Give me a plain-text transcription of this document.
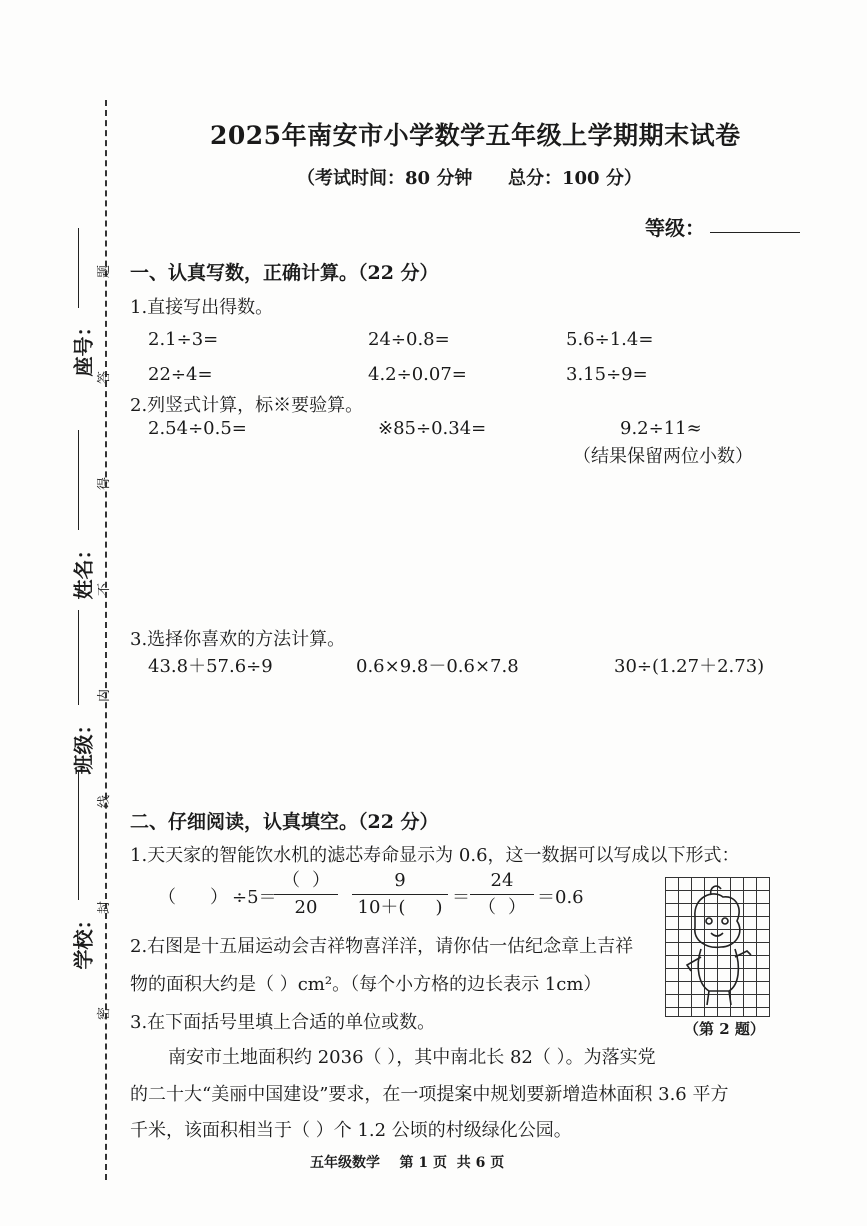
座号：
姓名：
班级：
学校：
题
答
得
不
内
线
封
密
2025年南安市小学数学五年级上学期期末试卷
（考试时间：80 分钟 总分：100 分）
等级：
一、认真写数，正确计算。（22 分）
1.直接写出得数。
2.1÷3=	24÷0.8=	5.6÷1.4=
22÷4=	4.2÷0.07=	3.15÷9=
2.列竖式计算，标※要验算。
2.54÷0.5=	※85÷0.34=	9.2÷11≈
（结果保留两位小数）
3.选择你喜欢的方法计算。
43.8＋57.6÷9	0.6×9.8－0.6×7.8	30÷(1.27＋2.73)
二、仔细阅读，认真填空。（22 分）
1.天天家的智能饮水机的滤芯寿命显示为 0.6，这一数据可以写成以下形式：
（ ） ÷5＝
（ ）
20
9
10＋( ) ＝
24
（ ） ＝0.6
（第 2 题）
2.右图是十五届运动会吉祥物喜洋洋，请你估一估纪念章上吉祥
物的面积大约是（ ）cm²。（每个小方格的边长表示 1cm）
3.在下面括号里填上合适的单位或数。
南安市土地面积约 2036（ ），其中南北长 82（ ）。为落实党
的二十大“美丽中国建设”要求，在一项提案中规划要新增造林面积 3.6 平方
千米，该面积相当于（ ）个 1.2 公顷的村级绿化公园。
五年级数学    第 1 页  共 6 页
